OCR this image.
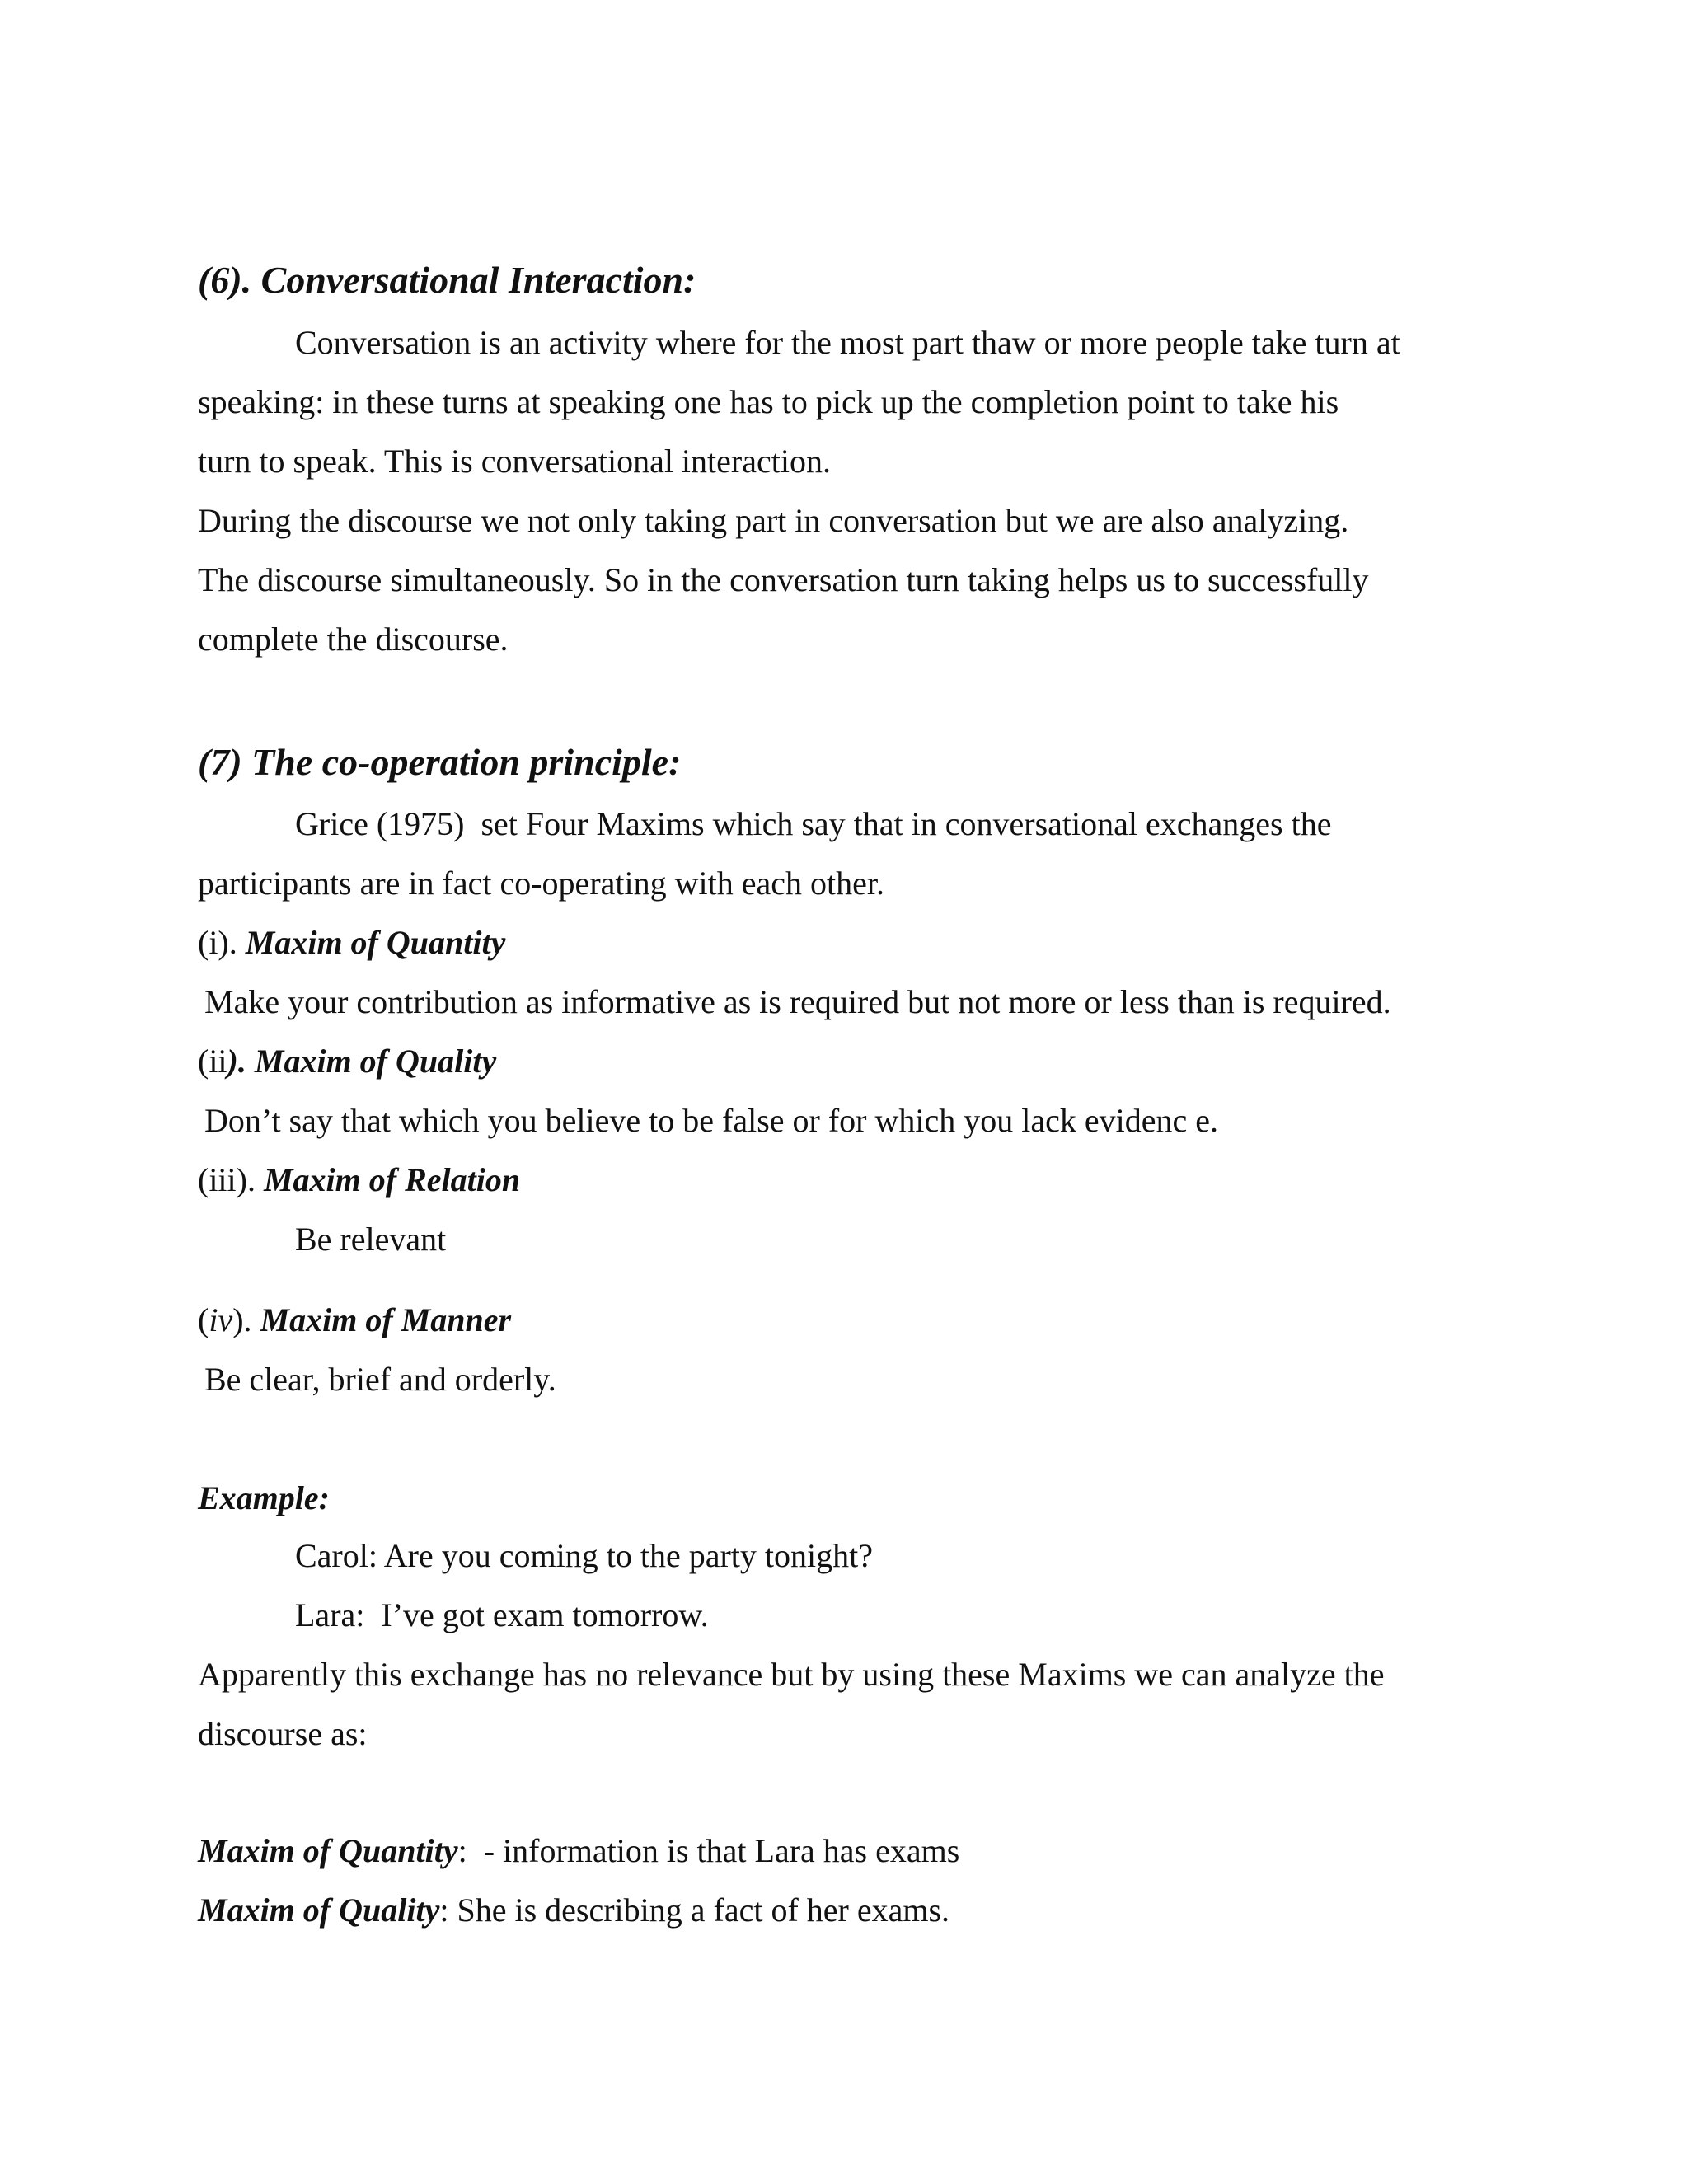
(6). Conversational Interaction:
Conversation is an activity where for the most part thaw or more people take turn at
speaking: in these turns at speaking one has to pick up the completion point to take his
turn to speak. This is conversational interaction.
During the discourse we not only taking part in conversation but we are also analyzing.
The discourse simultaneously. So in the conversation turn taking helps us to successfully
complete the discourse.
(7) The co-operation principle:
Grice (1975)  set Four Maxims which say that in conversational exchanges the
participants are in fact co-operating with each other.
(i). Maxim of Quantity
Make your contribution as informative as is required but not more or less than is required.
(ii). Maxim of Quality
Don’t say that which you believe to be false or for which you lack evidenc e.
(iii). Maxim of Relation
Be relevant
(iv). Maxim of Manner
Be clear, brief and orderly.
Example:
Carol: Are you coming to the party tonight?
Lara:  I’ve got exam tomorrow.
Apparently this exchange has no relevance but by using these Maxims we can analyze the
discourse as:
Maxim of Quantity:  - information is that Lara has exams
Maxim of Quality: She is describing a fact of her exams.
